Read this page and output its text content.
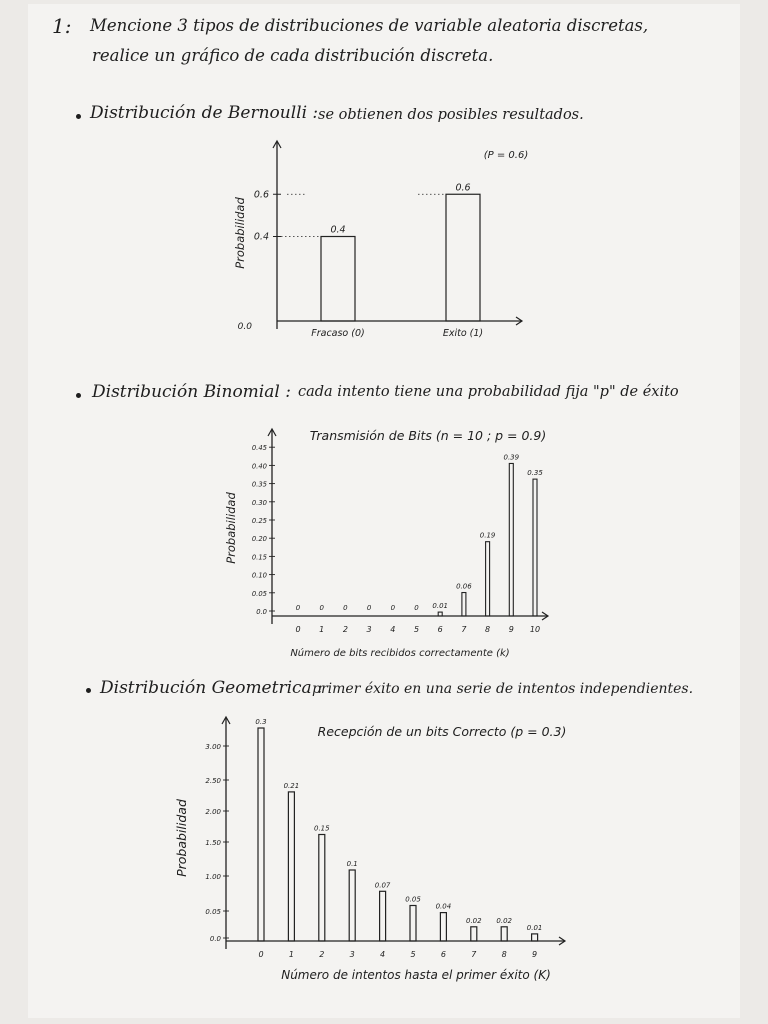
1: Mencione 3 tipos de distribuciones de variable aleatoria discretas,
realice un gráfico de cada distribución discreta.
Distribución de Bernoulli : se obtienen dos posibles resultados.
Distribución Binomial : cada intento tiene una probabilidad fija "p" de éxito
Distribución Geometrica :
primer éxito en una serie de intentos independientes.
Probabilidad
(P = 0.6)
0.0
0.4
0.6
Fracaso (0)
0.4
Exito (1)
0.6
Probabilidad
Transmisión de Bits (n = 10 ; p = 0.9)
Número de bits recibidos correctamente (k)
0.0
0.05
0.10
0.15
0.20
0.25
0.30
0.35
0.40
0.45
0
0
1
0
2
0
3
0
4
0
5
0
6
0.01
7
0.06
8
0.19
9
0.39
10
0.35
Probabilidad
Recepción de un bits Correcto (p = 0.3)
Número de intentos hasta el primer éxito (K)
0.0
0.05
1.00
1.50
2.00
2.50
3.00
0
0.3
1
0.21
2
0.15
3
0.1
4
0.07
5
0.05
6
0.04
7
0.02
8
0.02
9
0.01
